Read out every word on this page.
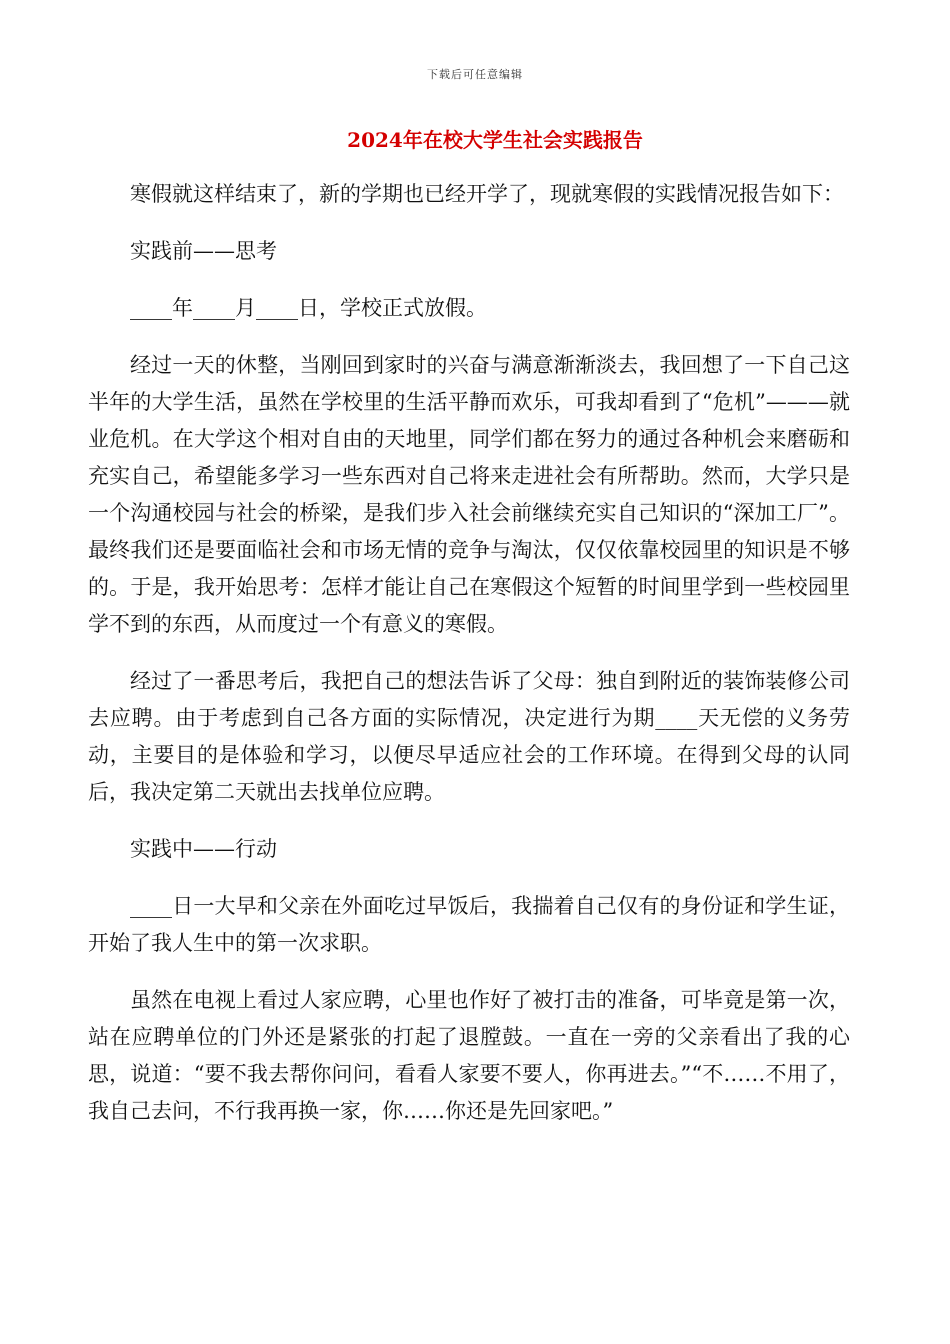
下载后可任意编辑
2024年在校大学生社会实践报告

寒假就这样结束了，新的学期也已经开学了，现就寒假的实践情况报告如下：

实践前——思考

____年____月____日，学校正式放假。

经过一天的休整，当刚回到家时的兴奋与满意渐渐淡去，我回想了一下自己这半年的大学生活，虽然在学校里的生活平静而欢乐，可我却看到了“危机”———就业危机。在大学这个相对自由的天地里，同学们都在努力的通过各种机会来磨砺和充实自己，希望能多学习一些东西对自己将来走进社会有所帮助。然而，大学只是一个沟通校园与社会的桥梁，是我们步入社会前继续充实自己知识的“深加工厂”。最终我们还是要面临社会和市场无情的竞争与淘汰，仅仅依靠校园里的知识是不够的。于是，我开始思考：怎样才能让自己在寒假这个短暂的时间里学到一些校园里学不到的东西，从而度过一个有意义的寒假。

经过了一番思考后，我把自己的想法告诉了父母：独自到附近的装饰装修公司去应聘。由于考虑到自己各方面的实际情况，决定进行为期____天无偿的义务劳动，主要目的是体验和学习，以便尽早适应社会的工作环境。在得到父母的认同后，我决定第二天就出去找单位应聘。

实践中——行动

____日一大早和父亲在外面吃过早饭后，我揣着自己仅有的身份证和学生证，开始了我人生中的第一次求职。

虽然在电视上看过人家应聘，心里也作好了被打击的准备，可毕竟是第一次，站在应聘单位的门外还是紧张的打起了退膛鼓。一直在一旁的父亲看出了我的心思，说道：“要不我去帮你问问，看看人家要不要人，你再进去。”“不……不用了，我自己去问，不行我再换一家，你……你还是先回家吧。”
